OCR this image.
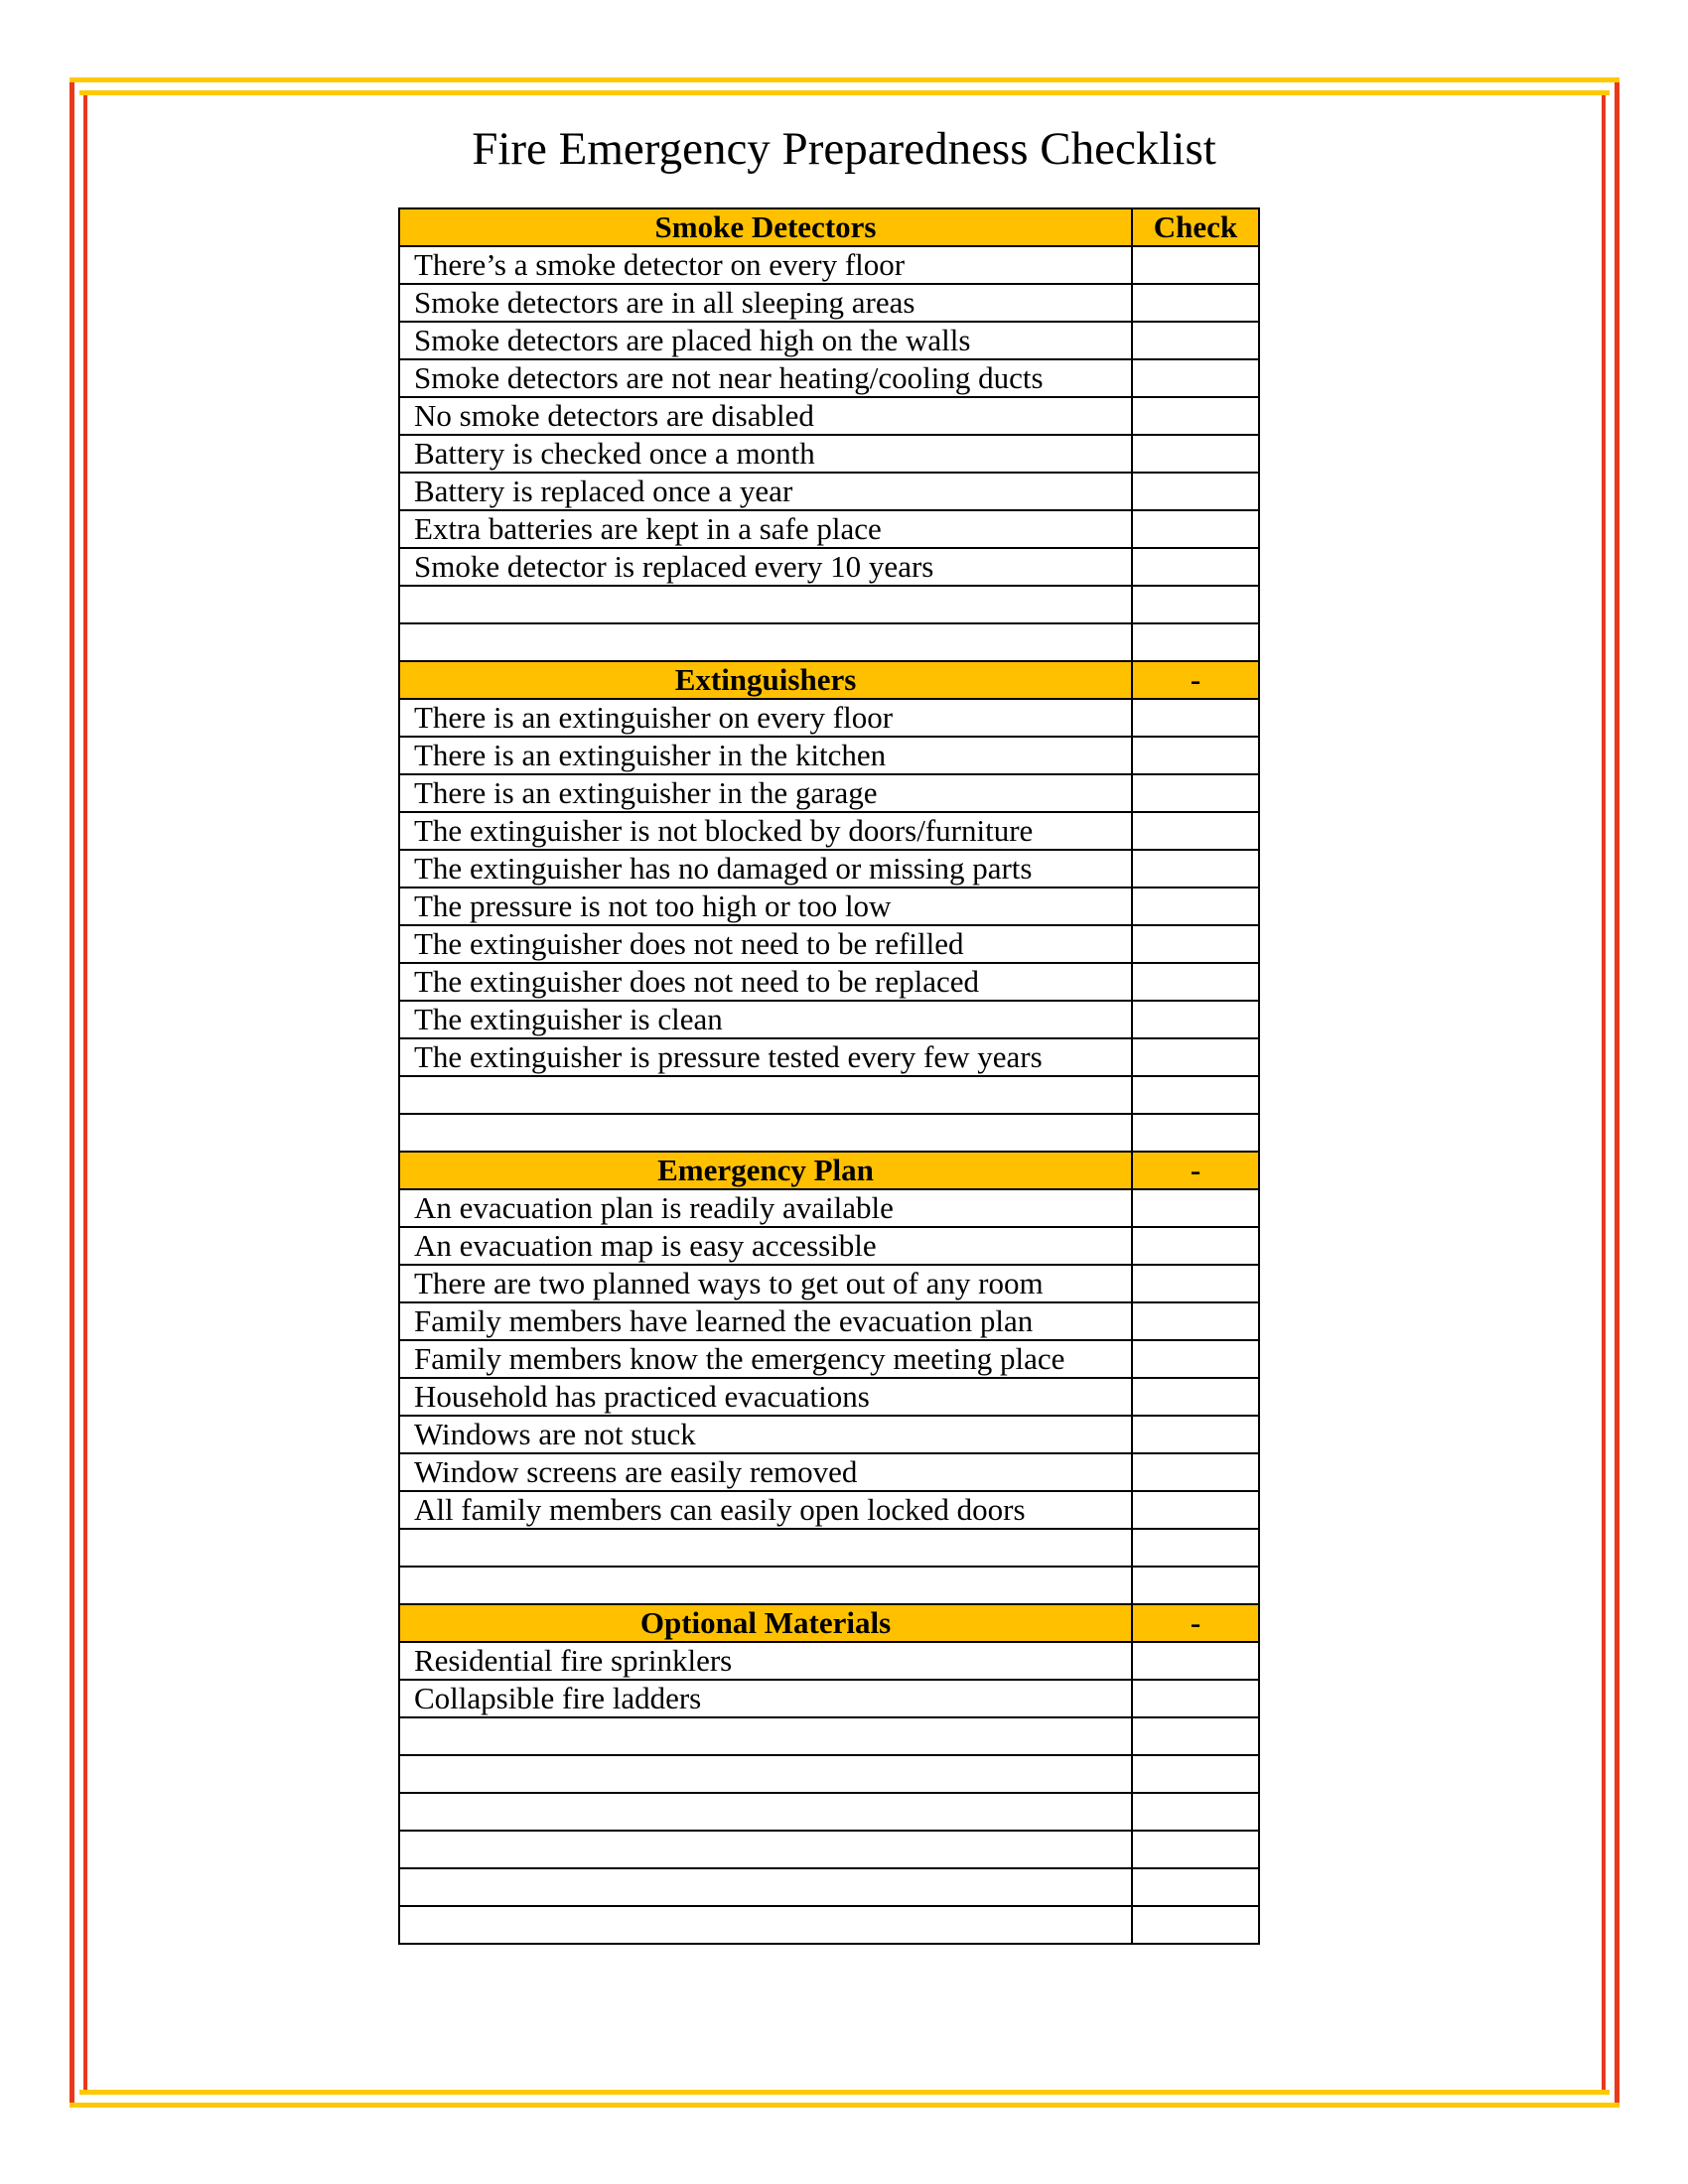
Fire Emergency Preparedness Checklist
Smoke Detectors	Check
There’s a smoke detector on every floor	
Smoke detectors are in all sleeping areas	
Smoke detectors are placed high on the walls	
Smoke detectors are not near heating/cooling ducts	
No smoke detectors are disabled	
Battery is checked once a month	
Battery is replaced once a year	
Extra batteries are kept in a safe place	
Smoke detector is replaced every 10 years	

Extinguishers	-
There is an extinguisher on every floor	
There is an extinguisher in the kitchen	
There is an extinguisher in the garage	
The extinguisher is not blocked by doors/furniture	
The extinguisher has no damaged or missing parts	
The pressure is not too high or too low	
The extinguisher does not need to be refilled	
The extinguisher does not need to be replaced	
The extinguisher is clean	
The extinguisher is pressure tested every few years	

Emergency Plan	-
An evacuation plan is readily available	
An evacuation map is easy accessible	
There are two planned ways to get out of any room	
Family members have learned the evacuation plan	
Family members know the emergency meeting place	
Household has practiced evacuations	
Windows are not stuck	
Window screens are easily removed	
All family members can easily open locked doors	

Optional Materials	-
Residential fire sprinklers	
Collapsible fire ladders	
